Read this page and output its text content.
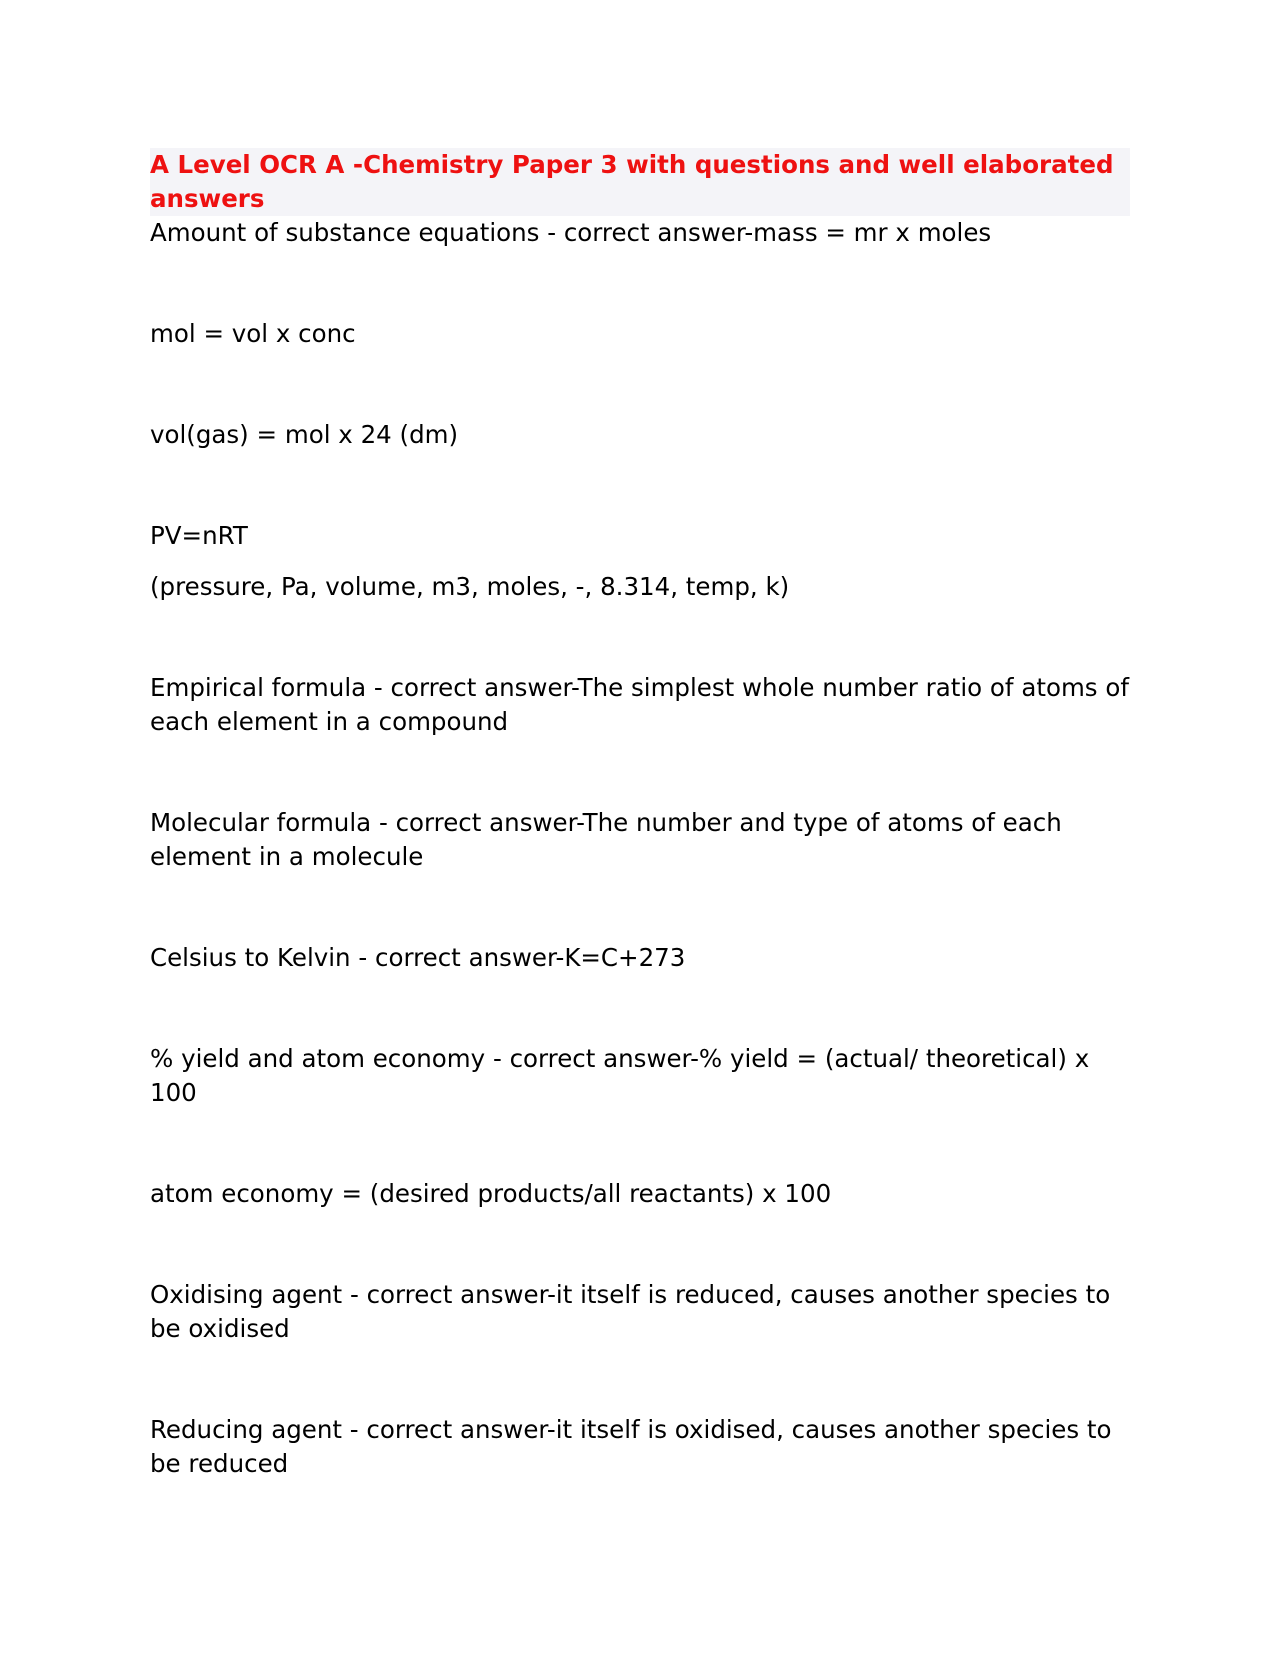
A Level OCR A -Chemistry Paper 3 with questions and well elaborated answers

Amount of substance equations - correct answer-mass = mr x moles

mol = vol x conc

vol(gas) = mol x 24 (dm)

PV=nRT

(pressure, Pa, volume, m3, moles, -, 8.314, temp, k)

Empirical formula - correct answer-The simplest whole number ratio of atoms of each element in a compound

Molecular formula - correct answer-The number and type of atoms of each element in a molecule

Celsius to Kelvin - correct answer-K=C+273

% yield and atom economy - correct answer-% yield = (actual/ theoretical) x 100

atom economy = (desired products/all reactants) x 100

Oxidising agent - correct answer-it itself is reduced, causes another species to be oxidised

Reducing agent - correct answer-it itself is oxidised, causes another species to be reduced
